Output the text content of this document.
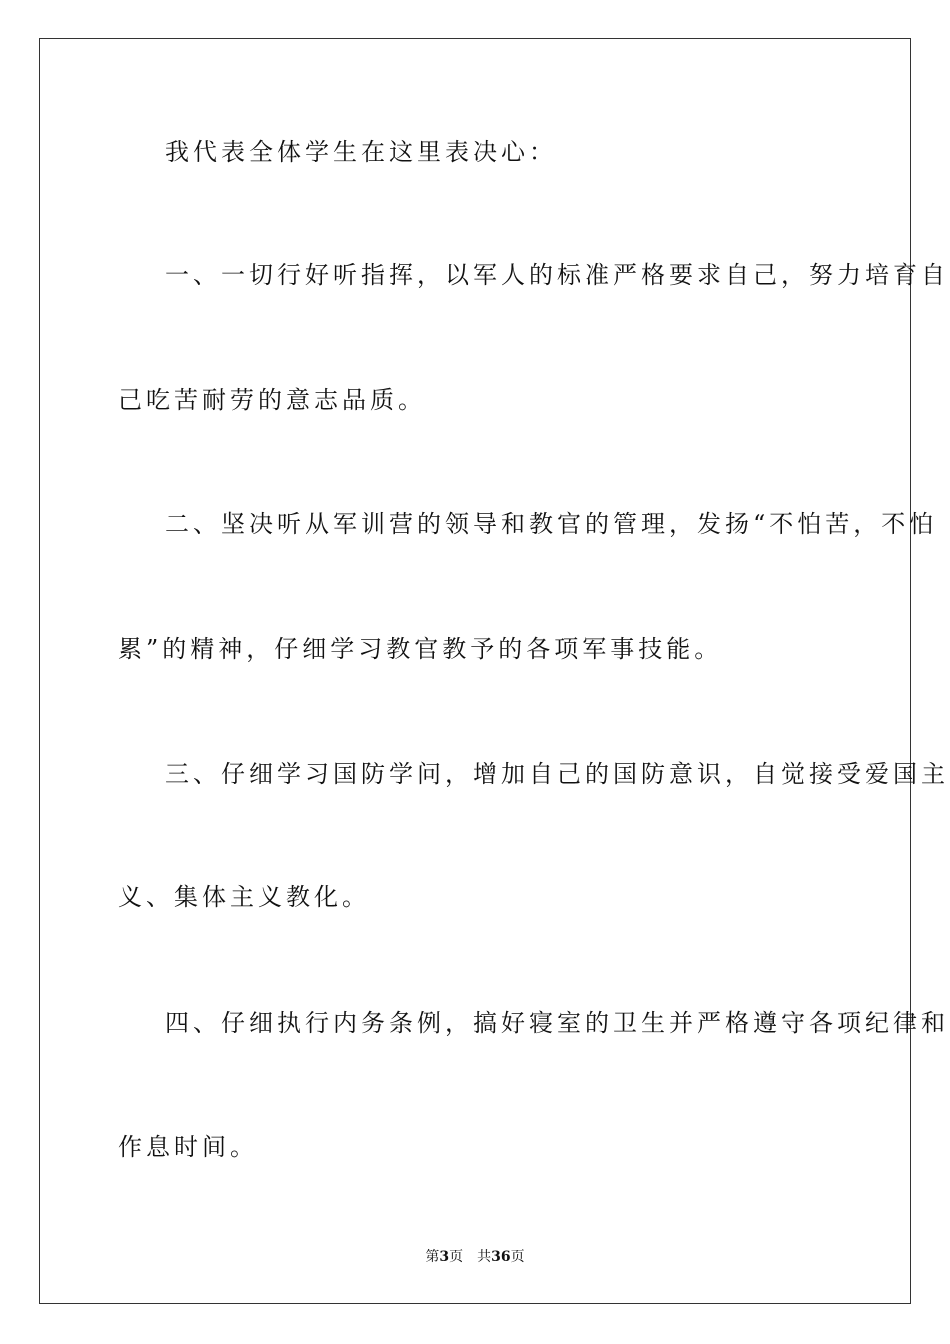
我代表全体学生在这里表决心：
一、一切行好听指挥，以军人的标准严格要求自己，努力培育自
己吃苦耐劳的意志品质。
二、坚决听从军训营的领导和教官的管理，发扬“不怕苦，不怕
累”的精神，仔细学习教官教予的各项军事技能。
三、仔细学习国防学问，增加自己的国防意识，自觉接受爱国主
义、集体主义教化。
四、仔细执行内务条例，搞好寝室的卫生并严格遵守各项纪律和
作息时间。
第3页 共36页
